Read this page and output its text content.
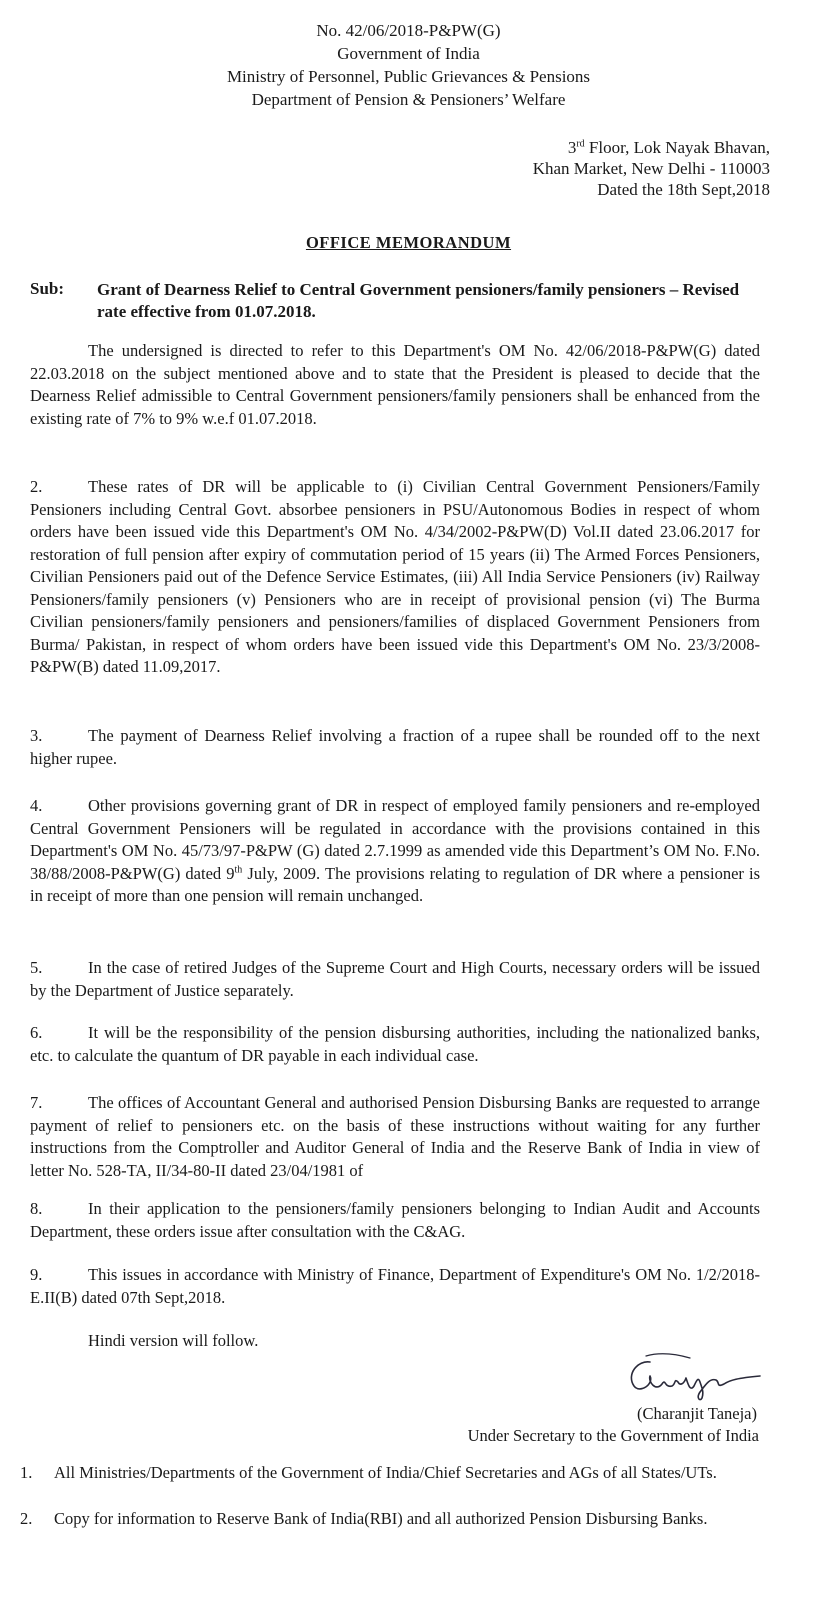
No. 42/06/2018-P&PW(G)
Government of India
Ministry of Personnel, Public Grievances & Pensions
Department of Pension & Pensioners’ Welfare
3rd Floor, Lok Nayak Bhavan,
Khan Market, New Delhi - 110003
Dated the 18th Sept,2018
OFFICE MEMORANDUM
Sub: Grant of Dearness Relief to Central Government pensioners/family pensioners – Revised rate effective from 01.07.2018.
The undersigned is directed to refer to this Department's OM No. 42/06/2018-P&PW(G) dated 22.03.2018 on the subject mentioned above and to state that the President is pleased to decide that the Dearness Relief admissible to Central Government pensioners/family pensioners shall be enhanced from the existing rate of 7% to 9% w.e.f 01.07.2018.
2.	These rates of DR will be applicable to (i) Civilian Central Government Pensioners/Family Pensioners including Central Govt. absorbee pensioners in PSU/Autonomous Bodies in respect of whom orders have been issued vide this Department's OM No. 4/34/2002-P&PW(D) Vol.II dated 23.06.2017 for restoration of full pension after expiry of commutation period of 15 years (ii) The Armed Forces Pensioners, Civilian Pensioners paid out of the Defence Service Estimates, (iii) All India Service Pensioners (iv) Railway Pensioners/family pensioners (v) Pensioners who are in receipt of provisional pension (vi) The Burma Civilian pensioners/family pensioners and pensioners/families of displaced Government Pensioners from Burma/ Pakistan, in respect of whom orders have been issued vide this Department's OM No. 23/3/2008-P&PW(B) dated 11.09,2017.
3.	The payment of Dearness Relief involving a fraction of a rupee shall be rounded off to the next higher rupee.
4.	Other provisions governing grant of DR in respect of employed family pensioners and re-employed Central Government Pensioners will be regulated in accordance with the provisions contained in this Department's OM No. 45/73/97-P&PW (G) dated 2.7.1999 as amended vide this Department’s OM No. F.No. 38/88/2008-P&PW(G) dated 9th July, 2009. The provisions relating to regulation of DR where a pensioner is in receipt of more than one pension will remain unchanged.
5.	In the case of retired Judges of the Supreme Court and High Courts, necessary orders will be issued by the Department of Justice separately.
6.	It will be the responsibility of the pension disbursing authorities, including the nationalized banks, etc. to calculate the quantum of DR payable in each individual case.
7.	The offices of Accountant General and authorised Pension Disbursing Banks are requested to arrange payment of relief to pensioners etc. on the basis of these instructions without waiting for any further instructions from the Comptroller and Auditor General of India and the Reserve Bank of India in view of letter No. 528-TA, II/34-80-II dated 23/04/1981 of
8.	In their application to the pensioners/family pensioners belonging to Indian Audit and Accounts Department, these orders issue after consultation with the C&AG.
9.	This issues in accordance with Ministry of Finance, Department of Expenditure's OM No. 1/2/2018-E.II(B) dated 07th Sept,2018.
Hindi version will follow.
(Charanjit Taneja)
Under Secretary to the Government of India
1. All Ministries/Departments of the Government of India/Chief Secretaries and AGs of all States/UTs.
2. Copy for information to Reserve Bank of India(RBI) and all authorized Pension Disbursing Banks.
